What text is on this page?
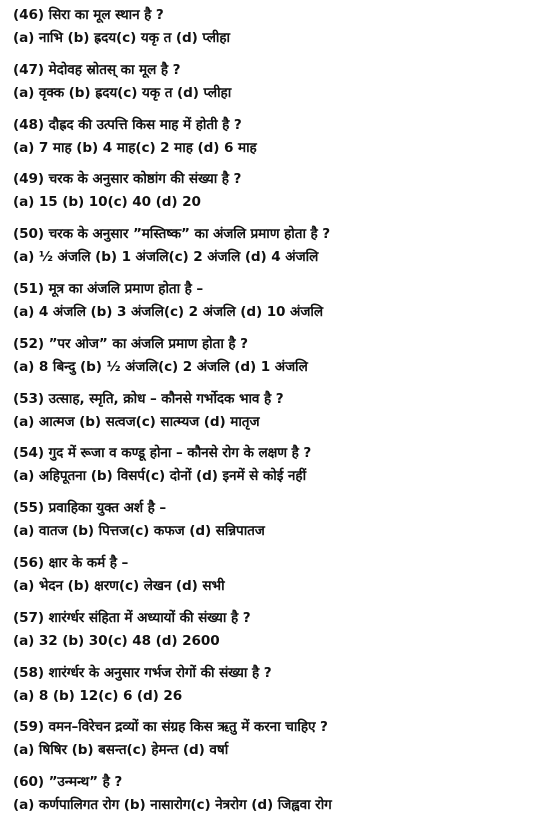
(46) सिरा का मूल स्थान है ?
(a) नाभि (b) ह्रदय(c) यकृ त (d) प्लीहा
(47) मेदोवह स्रोतस् का मूल है ?
(a) वृक्क (b) ह्रदय(c) यकृ त (d) प्लीहा
(48) दौह्रद की उत्पत्ति किस माह में होती है ?
(a) 7 माह (b) 4 माह(c) 2 माह (d) 6 माह
(49) चरक के अनुसार कोष्ठांग की संख्या है ?
(a) 15 (b) 10(c) 40 (d) 20
(50) चरक के अनुसार ”मस्तिष्क” का अंजलि प्रमाण होता है ?
(a) ½ अंजलि (b) 1 अंजलि(c) 2 अंजलि (d) 4 अंजलि
(51) मूत्र का अंजलि प्रमाण होता है –
(a) 4 अंजलि (b) 3 अंजलि(c) 2 अंजलि (d) 10 अंजलि
(52) ”पर ओज” का अंजलि प्रमाण होता है ?
(a) 8 बिन्दु (b) ½ अंजलि(c) 2 अंजलि (d) 1 अंजलि
(53) उत्साह, स्मृति, क्रोध – कौनसे गर्भोदक भाव है ?
(a) आत्मज (b) सत्वज(c) सात्म्यज (d) मातृज
(54) गुद में रूजा व कण्डू होना – कौनसे रोग के लक्षण है ?
(a) अहिपूतना (b) विसर्प(c) दोनों (d) इनमें से कोई नहीं
(55) प्रवाहिका युक्त अर्श है –
(a) वातज (b) पित्तज(c) कफज (d) सन्निपातज
(56) क्षार के कर्म है –
(a) भेदन (b) क्षरण(c) लेखन (d) सभी
(57) शारंर्ग्धर संहिता में अध्यायों की संख्या है ?
(a) 32 (b) 30(c) 48 (d) 2600
(58) शारंर्ग्धर के अनुसार गर्भज रोगों की संख्या है ?
(a) 8 (b) 12(c) 6 (d) 26
(59) वमन–विरेचन द्रव्यों का संग्रह किस ऋतु में करना चाहिए ?
(a) षिषिर (b) बसन्त(c) हेमन्त (d) वर्षा
(60) ”उन्मन्थ” है ?
(a) कर्णपालिगत रोग (b) नासारोग(c) नेत्ररोग (d) जिह्ववा रोग
